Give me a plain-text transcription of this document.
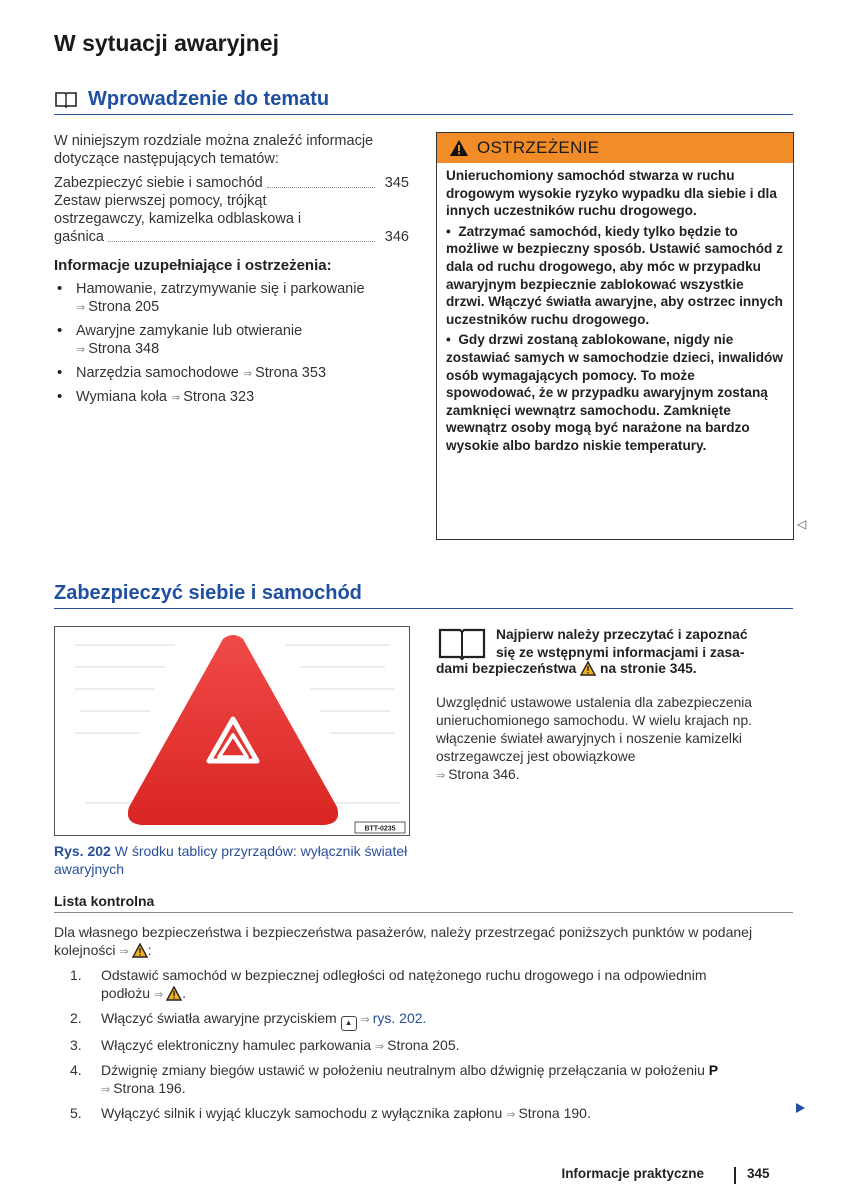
W sytuacji awaryjnej
Wprowadzenie do tematu
W niniejszym rozdziale można znaleźć informacje dotyczące następujących tematów:
Zabezpieczyć siebie i samochód	345
Zestaw pierwszej pomocy, trójkąt
ostrzegawczy, kamizelka odblaskowa i
gaśnica	346
Informacje uzupełniające i ostrzeżenia:
• Hamowanie, zatrzymywanie się i parkowanie
⇒ Strona 205
• Awaryjne zamykanie lub otwieranie
⇒ Strona 348
• Narzędzia samochodowe ⇒ Strona 353
• Wymiana koła ⇒ Strona 323
OSTRZEŻENIE

Unieruchomiony samochód stwarza w ruchu drogowym wysokie ryzyko wypadku dla siebie i dla innych uczestników ruchu drogowego.

•  Zatrzymać samochód, kiedy tylko będzie to możliwe w bezpieczny sposób. Ustawić samochód z dala od ruchu drogowego, aby móc w przypadku awaryjnym bezpiecznie zablokować wszystkie drzwi. Włączyć światła awaryjne, aby ostrzec innych uczestników ruchu drogowego.

•  Gdy drzwi zostaną zablokowane, nigdy nie zostawiać samych w samochodzie dzieci, inwalidów osób wymagających pomocy. To może spowodować, że w przypadku awaryjnym zostaną zamknięci wewnątrz samochodu. Zamknięte wewnątrz osoby mogą być narażone na bardzo wysokie albo bardzo niskie temperatury.

◁
Zabezpieczyć siebie i samochód
BTT-0235
Rys. 202 W środku tablicy przyrządów: wyłącznik świateł awaryjnych
Najpierw należy przeczytać i zapoznać
się ze wstępnymi informacjami i zasa-
dami bezpieczeństwa na stronie 345.
Uwzględnić ustawowe ustalenia dla zabezpieczenia unieruchomionego samochodu. W wielu krajach np. włączenie świateł awaryjnych i noszenie kamizelki ostrzegawczej jest obowiązkowe
⇒ Strona 346.
Lista kontrolna
Dla własnego bezpieczeństwa i bezpieczeństwa pasażerów, należy przestrzegać poniższych punktów w podanej kolejności ⇒ :
1.	Odstawić samochód w bezpiecznej odległości od natężonego ruchu drogowego i na odpowiednim
podłożu ⇒ .
2.	Włączyć światła awaryjne przyciskiem ▲ ⇒ rys. 202.
3.	Włączyć elektroniczny hamulec parkowania ⇒ Strona 205.
4.	Dźwignię zmiany biegów ustawić w położeniu neutralnym albo dźwignię przełączania w położeniu P
⇒ Strona 196.
5.	Wyłączyć silnik i wyjąć kluczyk samochodu z wyłącznika zapłonu ⇒ Strona 190.
Informacje praktyczne	345
